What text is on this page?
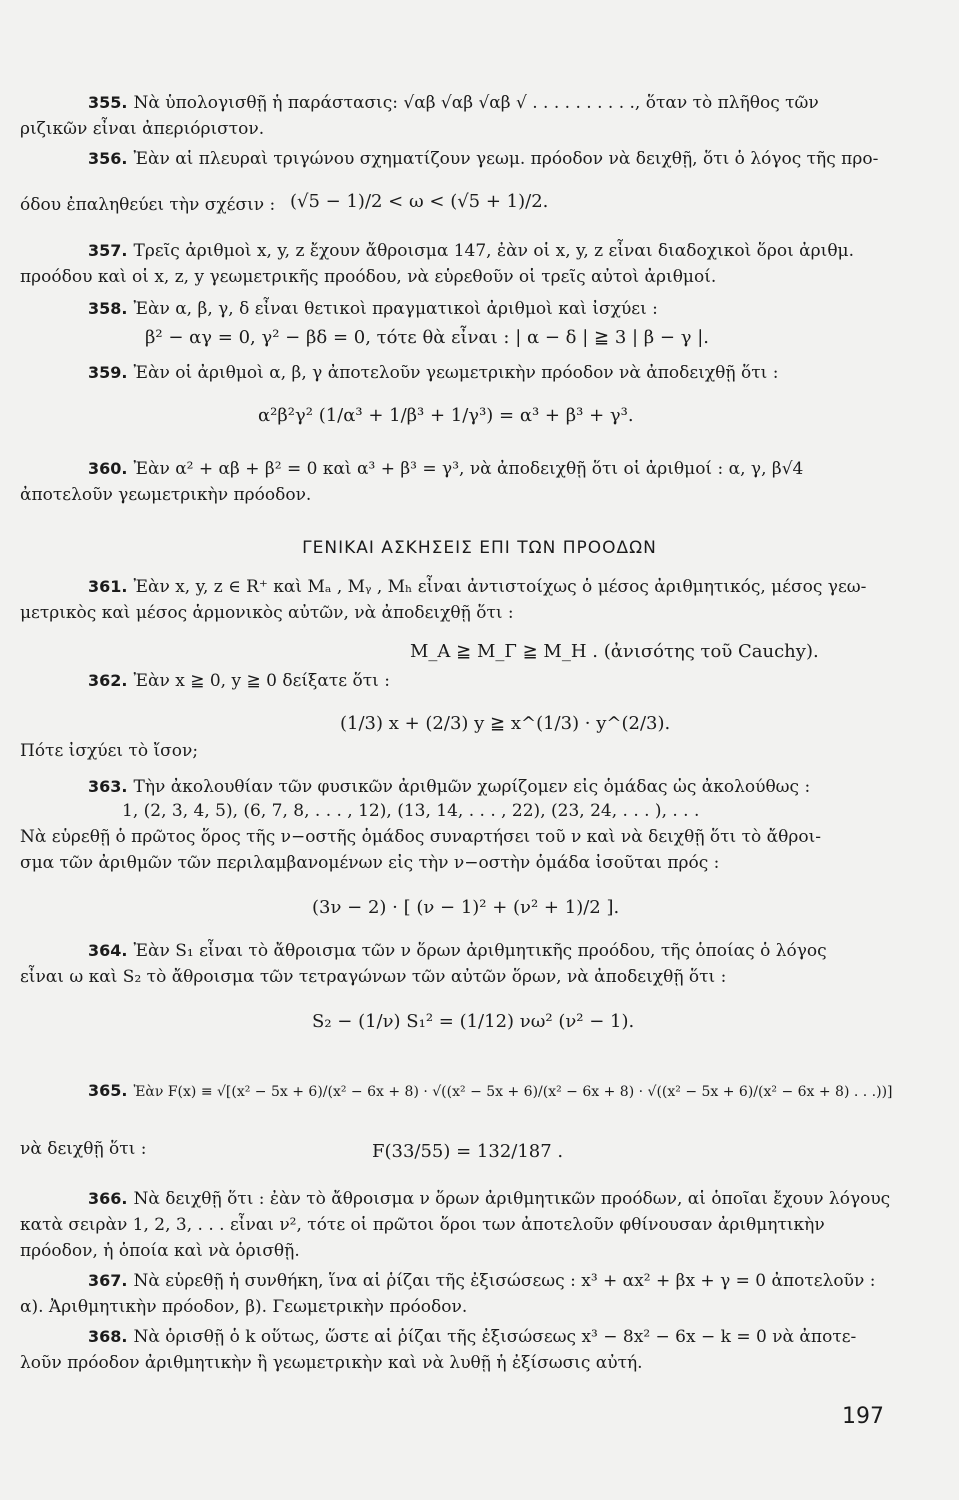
355. Νὰ ὑπολογισθῇ ἡ παράστασις: √αβ √αβ √αβ √ . . . . . . . . . ., ὅταν τὸ πλῆθος τῶν
ριζικῶν εἶναι ἀπεριόριστον.
356. Ἐὰν αἱ πλευραὶ τριγώνου σχηματίζουν γεωμ. πρόοδον νὰ δειχθῇ, ὅτι ὁ λόγος τῆς προ-
όδου ἐπαληθεύει τὴν σχέσιν : (√5 − 1)/2 < ω < (√5 + 1)/2.
357. Τρεῖς ἀριθμοὶ x, y, z ἔχουν ἄθροισμα 147, ἐὰν οἱ x, y, z εἶναι διαδοχικοὶ ὅροι ἀριθμ.
προόδου καὶ οἱ x, z, y γεωμετρικῆς προόδου, νὰ εὑρεθοῦν οἱ τρεῖς αὐτοὶ ἀριθμοί.
358. Ἐὰν α, β, γ, δ εἶναι θετικοὶ πραγματικοὶ ἀριθμοὶ καὶ ἰσχύει :
β² − αγ = 0, γ² − βδ = 0, τότε θὰ εἶναι : | α − δ | ≧ 3 | β − γ |.
359. Ἐὰν οἱ ἀριθμοὶ α, β, γ ἀποτελοῦν γεωμετρικὴν πρόοδον νὰ ἀποδειχθῇ ὅτι :
α²β²γ² (1/α³ + 1/β³ + 1/γ³) = α³ + β³ + γ³.
360. Ἐὰν α² + αβ + β² = 0 καὶ α³ + β³ = γ³, νὰ ἀποδειχθῇ ὅτι οἱ ἀριθμοί : α, γ, β√4
ἀποτελοῦν γεωμετρικὴν πρόοδον.
ΓΕΝΙΚΑΙ ΑΣΚΗΣΕΙΣ ΕΠΙ ΤΩΝ ΠΡΟΟΔΩΝ
361. Ἐὰν x, y, z ∈ R⁺ καὶ Mₐ , Mᵧ , Mₕ εἶναι ἀντιστοίχως ὁ μέσος ἀριθμητικός, μέσος γεω-
μετρικὸς καὶ μέσος ἁρμονικὸς αὐτῶν, νὰ ἀποδειχθῇ ὅτι :
M_A ≧ M_Γ ≧ M_H . (ἀνισότης τοῦ Cauchy).
362. Ἐὰν x ≧ 0, y ≧ 0 δείξατε ὅτι :
(1/3) x + (2/3) y ≧ x^(1/3) · y^(2/3).
Πότε ἰσχύει τὸ ἴσον;
363. Τὴν ἀκολουθίαν τῶν φυσικῶν ἀριθμῶν χωρίζομεν εἰς ὁμάδας ὡς ἀκολούθως :
1, (2, 3, 4, 5), (6, 7, 8, . . . , 12), (13, 14, . . . , 22), (23, 24, . . . ), . . .
Νὰ εὑρεθῇ ὁ πρῶτος ὅρος τῆς ν−οστῆς ὁμάδος συναρτήσει τοῦ ν καὶ νὰ δειχθῇ ὅτι τὸ ἄθροι-
σμα τῶν ἀριθμῶν τῶν περιλαμβανομένων εἰς τὴν ν−οστὴν ὁμάδα ἰσοῦται πρός :
(3ν − 2) · [ (ν − 1)² + (ν² + 1)/2 ].
364. Ἐὰν S₁ εἶναι τὸ ἄθροισμα τῶν ν ὅρων ἀριθμητικῆς προόδου, τῆς ὁποίας ὁ λόγος
εἶναι ω καὶ S₂ τὸ ἄθροισμα τῶν τετραγώνων τῶν αὐτῶν ὅρων, νὰ ἀποδειχθῇ ὅτι :
S₂ − (1/ν) S₁² = (1/12) νω² (ν² − 1).
365. Ἐὰν F(x) ≡ √[(x² − 5x + 6)/(x² − 6x + 8) · √((x² − 5x + 6)/(x² − 6x + 8) · √((x² − 5x + 6)/(x² − 6x + 8) . . .))]
νὰ δειχθῇ ὅτι :	F(33/55) = 132/187 .
366. Νὰ δειχθῇ ὅτι : ἐὰν τὸ ἄθροισμα ν ὅρων ἀριθμητικῶν προόδων, αἱ ὁποῖαι ἔχουν λόγους
κατὰ σειρὰν 1, 2, 3, . . . εἶναι ν², τότε οἱ πρῶτοι ὅροι των ἀποτελοῦν φθίνουσαν ἀριθμητικὴν
πρόοδον, ἡ ὁποία καὶ νὰ ὁρισθῇ.
367. Νὰ εὑρεθῇ ἡ συνθήκη, ἵνα αἱ ῥίζαι τῆς ἐξισώσεως : x³ + αx² + βx + γ = 0 ἀποτελοῦν :
α). Ἀριθμητικὴν πρόοδον, β). Γεωμετρικὴν πρόοδον.
368. Νὰ ὁρισθῇ ὁ k οὕτως, ὥστε αἱ ῥίζαι τῆς ἐξισώσεως x³ − 8x² − 6x − k = 0 νὰ ἀποτε-
λοῦν πρόοδον ἀριθμητικὴν ἢ γεωμετρικὴν καὶ νὰ λυθῇ ἡ ἐξίσωσις αὐτή.
197
